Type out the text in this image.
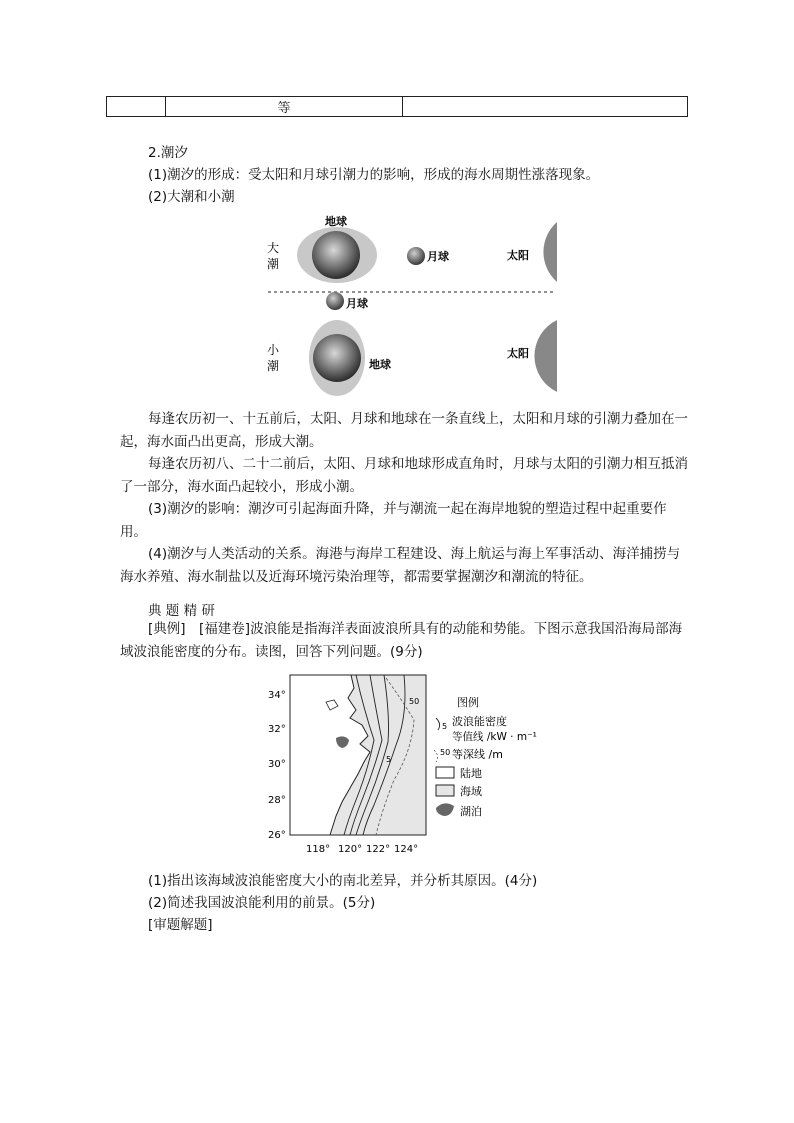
	等	
2.潮汐
(1)潮汐的形成：受太阳和月球引潮力的影响，形成的海水周期性涨落现象。
(2)大潮和小潮
大
潮
地球
月球	太阳
月球
小
潮	地球
太阳
每逢农历初一、十五前后，太阳、月球和地球在一条直线上，太阳和月球的引潮力叠加在一起，海水面凸出更高，形成大潮。
每逢农历初八、二十二前后，太阳、月球和地球形成直角时，月球与太阳的引潮力相互抵消了一部分，海水面凸起较小，形成小潮。
(3)潮汐的影响：潮汐可引起海面升降，并与潮流一起在海岸地貌的塑造过程中起重要作用。
(4)潮汐与人类活动的关系。海港与海岸工程建设、海上航运与海上军事活动、海洋捕捞与海水养殖、海水制盐以及近海环境污染治理等，都需要掌握潮汐和潮流的特征。
典 题 精 研
[典例]　[福建卷]波浪能是指海洋表面波浪所具有的动能和势能。下图示意我国沿海局部海域波浪能密度的分布。读图，回答下列问题。(9分)
50
5
34°
32°
30°
28°
26°
118° 120° 122° 124°
图例
5 波浪能密度
等值线 /kW · m⁻¹
50 等深线 /m
陆地
海域
湖泊
(1)指出该海域波浪能密度大小的南北差异，并分析其原因。(4分)
(2)简述我国波浪能利用的前景。(5分)
[审题解题]
